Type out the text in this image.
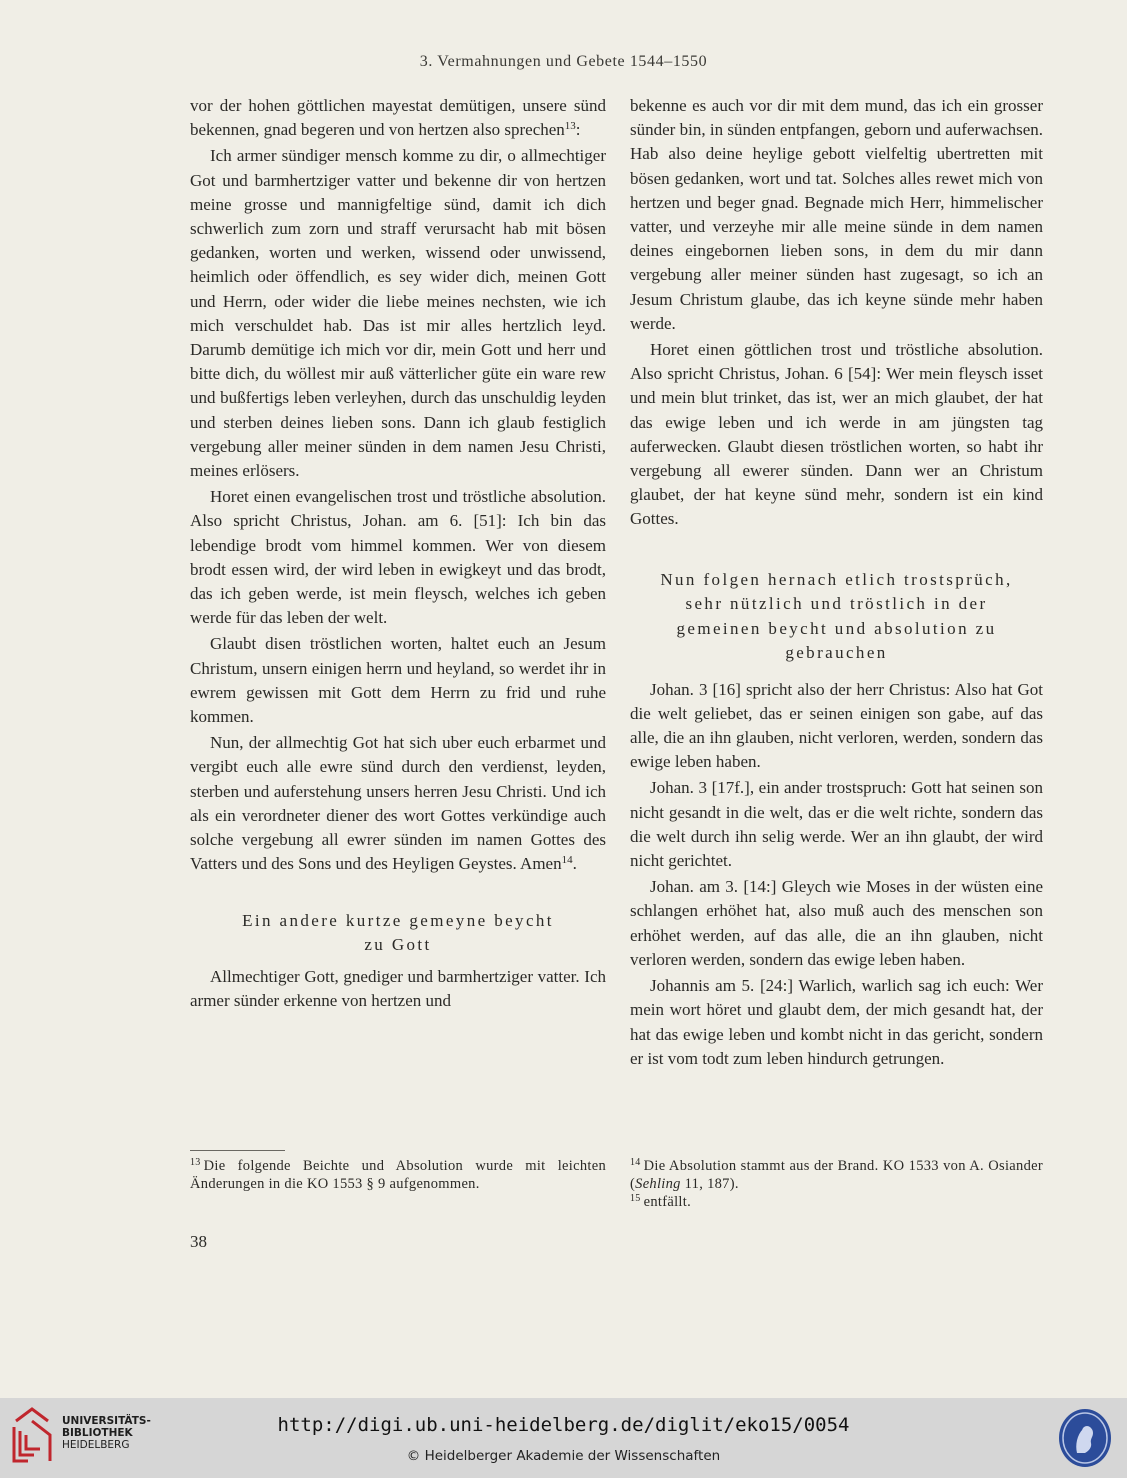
3. Vermahnungen und Gebete 1544–1550

vor der hohen göttlichen mayestat demütigen, unsere sünd bekennen, gnad begeren und von hertzen also sprechen$^{13}$:

Ich armer sündiger mensch komme zu dir, o allmechtiger Got und barmhertziger vatter und bekenne dir von hertzen meine grosse und mannigfeltige sünd, damit ich dich schwerlich zum zorn und straff verursacht hab mit bösen gedanken, worten und werken, wissend oder unwissend, heimlich oder öffendlich, es sey wider dich, meinen Gott und Herrn, oder wider die liebe meines nechsten, wie ich mich verschuldet hab. Das ist mir alles hertzlich leyd. Darumb demütige ich mich vor dir, mein Gott und herr und bitte dich, du wöllest mir auß vätterlicher güte ein ware rew und bußfertigs leben verleyhen, durch das unschuldig leyden und sterben deines lieben sons. Dann ich glaub festiglich vergebung aller meiner sünden in dem namen Jesu Christi, meines erlösers.

Horet einen evangelischen trost und tröstliche absolution. Also spricht Christus, Johan. am 6. [51]: Ich bin das lebendige brodt vom himmel kommen. Wer von diesem brodt essen wird, der wird leben in ewigkeyt und das brodt, das ich geben werde, ist mein fleysch, welches ich geben werde für das leben der welt.

Glaubt disen tröstlichen worten, haltet euch an Jesum Christum, unsern einigen herrn und heyland, so werdet ihr in ewrem gewissen mit Gott dem Herrn zu frid und ruhe kommen.

Nun, der allmechtig Got hat sich uber euch erbarmet und vergibt euch alle ewre sünd durch den verdienst, leyden, sterben und auferstehung unsers herren Jesu Christi. Und ich als ein verordneter diener des wort Gottes verkündige auch solche vergebung all ewrer sünden im namen Gottes des Vatters und des Sons und des Heyligen Geystes. Amen$^{14}$.

Ein andere kurtze gemeyne beycht
zu Gott

Allmechtiger Gott, gnediger und barmhertziger vatter. Ich armer sünder erkenne von hertzen und

bekenne es auch vor dir mit dem mund, das ich ein grosser sünder bin, in sünden entpfangen, geborn und auferwachsen. Hab also deine heylige gebott vielfeltig ubertretten mit bösen gedanken, wort und tat. Solches alles rewet mich von hertzen und beger gnad. Begnade mich Herr, himmelischer vatter, und verzeyhe mir alle meine sünde in dem namen deines eingebornen lieben sons, in dem du mir dann vergebung aller meiner sünden hast zugesagt, so ich an Jesum Christum glaube, das ich keyne sünde mehr haben werde.

Horet einen göttlichen trost und tröstliche absolution. Also spricht Christus, Johan. 6 [54]: Wer mein fleysch isset und mein blut trinket, das ist, wer an mich glaubet, der hat das ewige leben und ich werde in am jüngsten tag auferwecken. Glaubt diesen tröstlichen worten, so habt ihr vergebung all ewerer sünden. Dann wer an Christum glaubet, der hat keyne sünd mehr, sondern ist ein kind Gottes.

Nun folgen hernach etlich trostsprüch,
sehr nützlich und tröstlich in der
gemeinen beycht und absolution zu
gebrauchen

Johan. 3 [16] spricht also der herr Christus: Also hat Got die welt geliebet, das er seinen einigen son gabe, auf das alle, die an ihn glauben, nicht verloren, werden, sondern das ewige leben haben.

Johan. 3 [17f.], ein ander trostspruch: Gott hat seinen son nicht gesandt in die welt, das er die welt richte, sondern das die welt durch ihn selig werde. Wer an ihn glaubt, der wird nicht gerichtet.

Johan. am 3. [14:] Gleych wie Moses in der wüsten eine schlangen erhöhet hat, also muß auch des menschen son erhöhet werden, auf das alle, die an ihn glauben, nicht verloren werden, sondern das ewige leben haben.

Johannis am 5. [24:] Warlich, warlich sag ich euch: Wer mein wort höret und glaubt dem, der mich gesandt hat, der hat das ewige leben und kombt nicht in das gericht, sondern er ist vom todt zum leben hindurch getrungen.

$^{13}$ Die folgende Beichte und Absolution wurde mit leichten Änderungen in die KO 1553 § 9 aufgenommen.

$^{14}$ Die Absolution stammt aus der Brand. KO 1533 von A. Osiander (Sehling 11, 187).

$^{15}$ entfällt.

38
UNIVERSITÄTS-
BIBLIOTHEK
HEIDELBERG
http://digi.ub.uni-heidelberg.de/diglit/eko15/0054
© Heidelberger Akademie der Wissenschaften
